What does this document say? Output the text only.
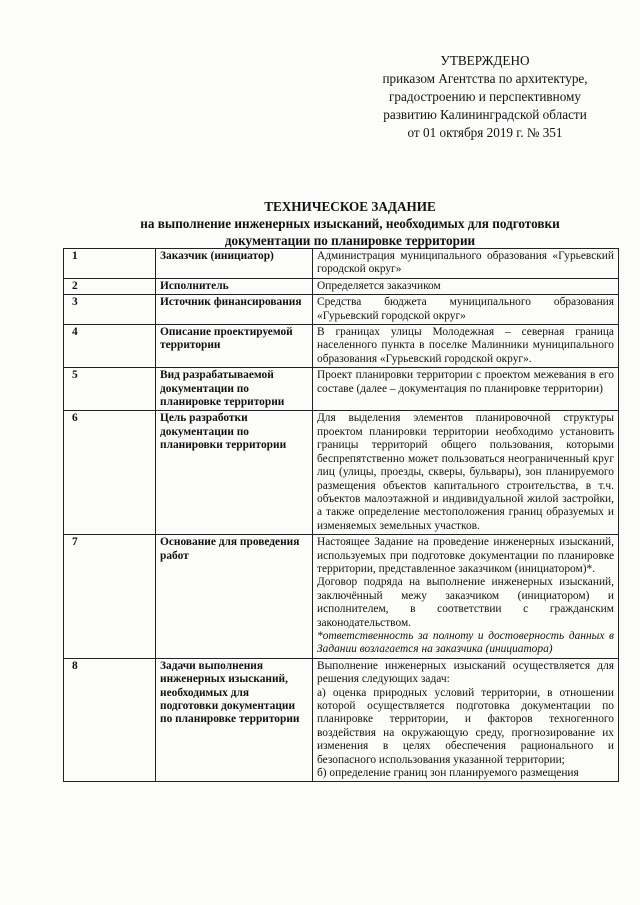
УТВЕРЖДЕНО
приказом Агентства по архитектуре,
градостроению и перспективному
развитию Калининградской области
от 01 октября 2019 г. № 351
ТЕХНИЧЕСКОЕ ЗАДАНИЕ
на выполнение инженерных изысканий, необходимых для подготовки
документации по планировке территории
1	Заказчик (инициатор)	Администрация муниципального образования «Гурьевский городской округ»
2	Исполнитель	Определяется заказчиком
3	Источник финансирования	Средства бюджета муниципального образования «Гурьевский городской округ»
4	Описание проектируемой территории	В границах улицы Молодежная – северная граница населенного пункта в поселке Малинники муниципального образования «Гурьевский городской округ».
5	Вид разрабатываемой документации по планировке территории	Проект планировки территории с проектом межевания в его составе (далее – документация по планировке территории)
6	Цель разработки документации по планировки территории	Для выделения элементов планировочной структуры проектом планировки территории необходимо установить границы территорий общего пользования, которыми беспрепятственно может пользоваться неограниченный круг лиц (улицы, проезды, скверы, бульвары), зон планируемого размещения объектов капитального строительства, в т.ч. объектов малоэтажной и индивидуальной жилой застройки, а также определение местоположения границ образуемых и изменяемых земельных участков.
7	Основание для проведения работ	Настоящее Задание на проведение инженерных изысканий, используемых при подготовке документации по планировке территории, представленное заказчиком (инициатором)*.

Договор подряда на выполнение инженерных изысканий, заключённый межу заказчиком (инициатором) и исполнителем, в соответствии с гражданским законодательством.

*ответственность за полноту и достоверность данных в Задании возлагается на заказчика (инициатора)

8	Задачи выполнения инженерных изысканий, необходимых для подготовки документации по планировке территории	Выполнение инженерных изысканий осуществляется для решения следующих задач:

а) оценка природных условий территории, в отношении которой осуществляется подготовка документации по планировке территории, и факторов техногенного воздействия на окружающую среду, прогнозирование их изменения в целях обеспечения рационального и безопасного использования указанной территории;

б) определение границ зон планируемого размещения
